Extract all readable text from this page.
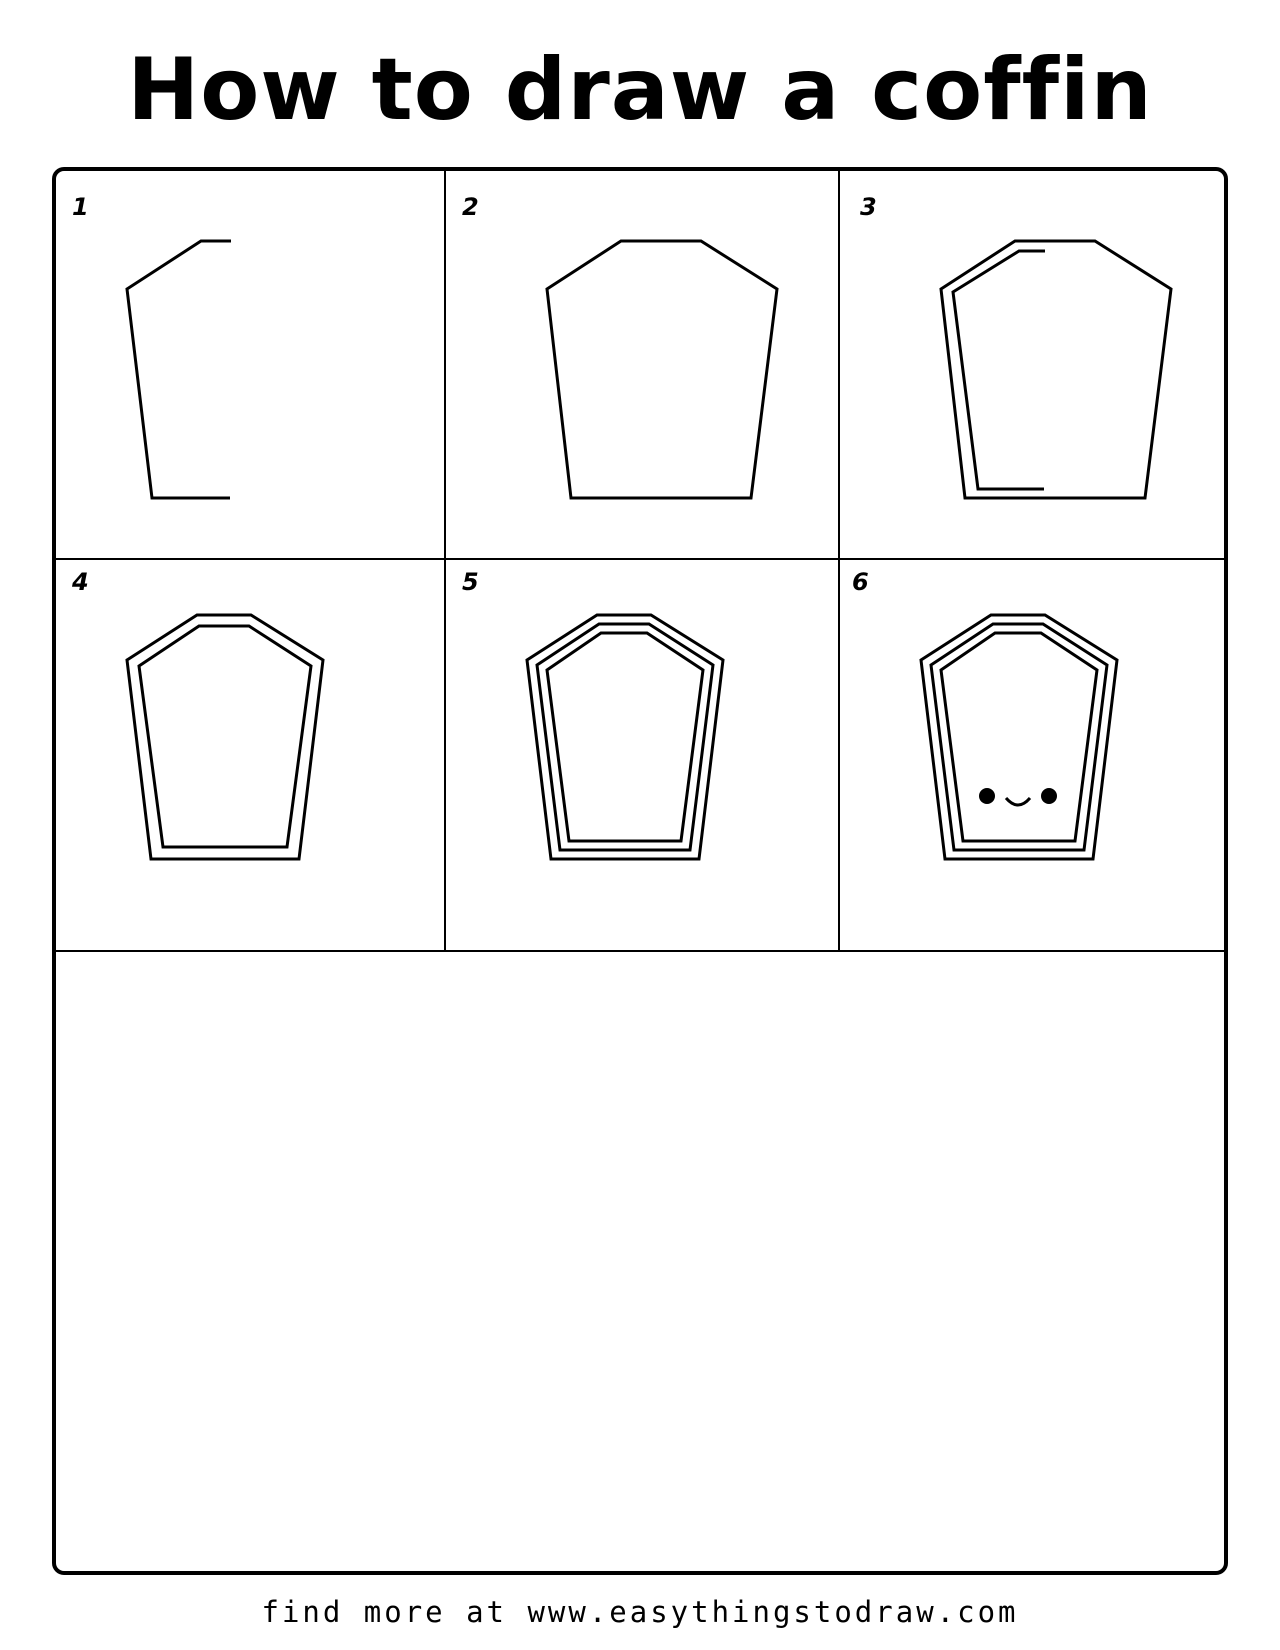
How to draw a coffin
1	2	3
4	5	6
find more at www.easythingstodraw.com
